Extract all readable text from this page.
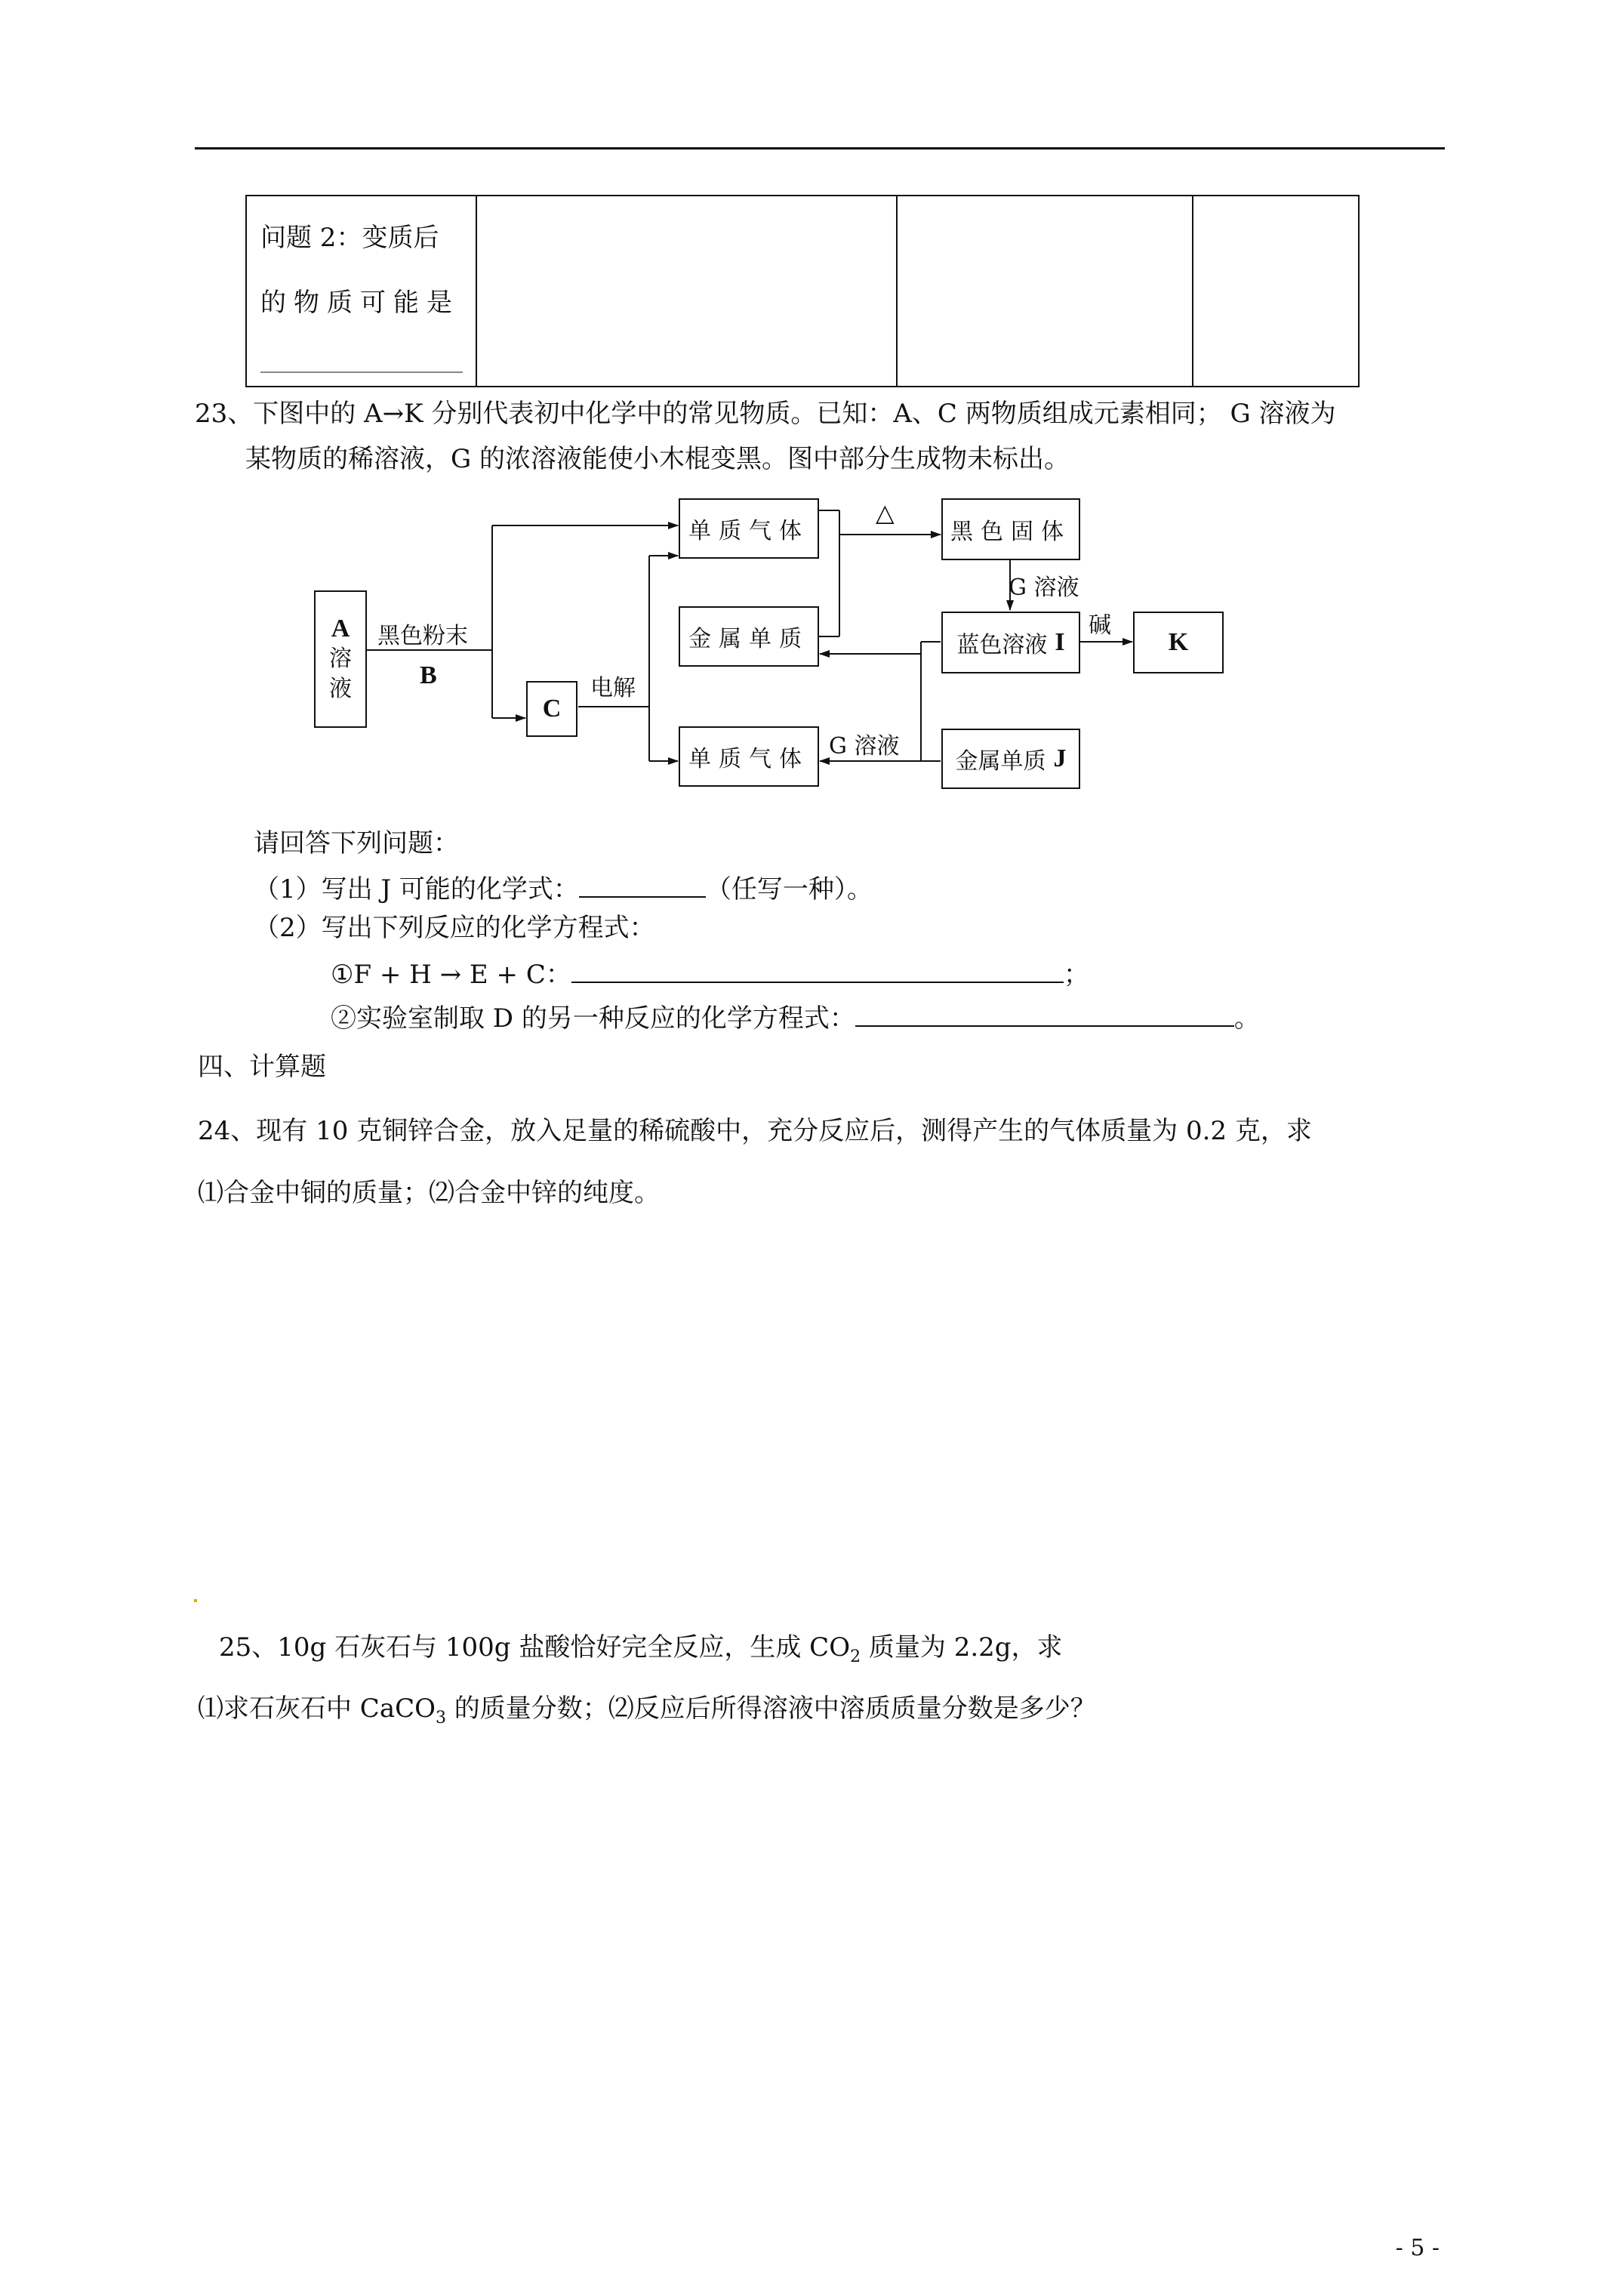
问题 2：变质后
的物质可能是
23、下图中的 A→K 分别代表初中化学中的常见物质。已知：A、C 两物质组成元素相同； G 溶液为
某物质的稀溶液，G 的浓溶液能使小木棍变黑。图中部分生成物未标出。
A
溶
液
黑色粉末
B
C
电解
单质气体
金属单质
单质气体
△
黑色固体
G 溶液
蓝色溶液 I
碱
K
G 溶液
金属单质 J
请回答下列问题：
（1）写出 J 可能的化学式：	（任写一种）。
（2）写出下列反应的化学方程式：
①F + H → E + C：	；
②实验室制取 D 的另一种反应的化学方程式：	。
四、计算题
24、现有 10 克铜锌合金，放入足量的稀硫酸中，充分反应后，测得产生的气体质量为 0.2 克，求
⑴合金中铜的质量；⑵合金中锌的纯度。
25、10g 石灰石与 100g 盐酸恰好完全反应，生成 $CO_2$ 质量为 2.2g，求
⑴求石灰石中 CaCO$_3$ 的质量分数；⑵反应后所得溶液中溶质质量分数是多少？
- 5 -
